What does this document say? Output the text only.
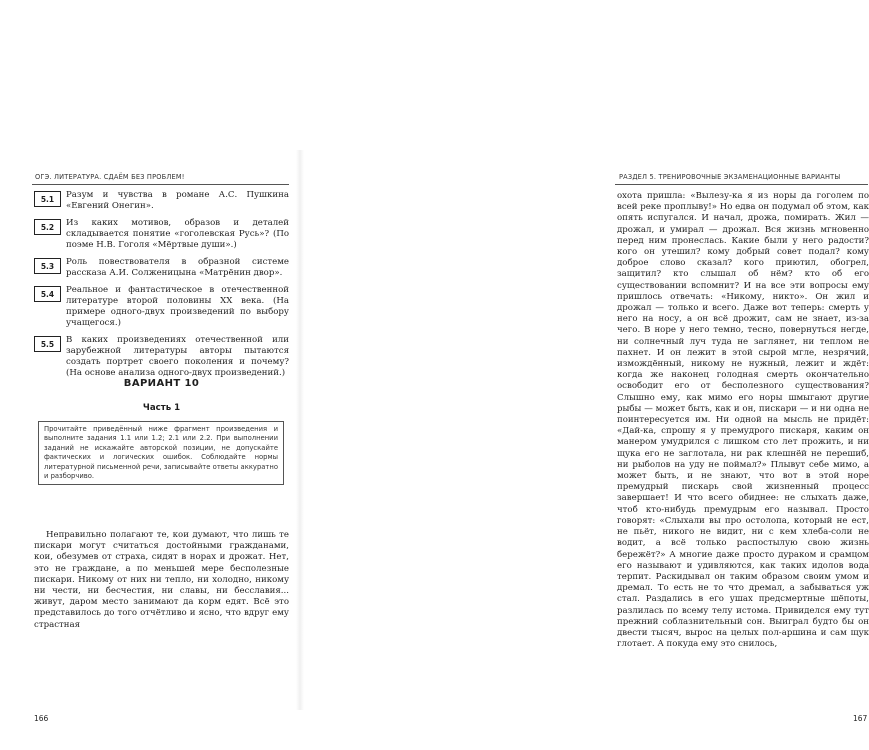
ОГЭ. ЛИТЕРАТУРА. СДАЁМ БЕЗ ПРОБЛЕМ!
5.1	Разум и чувства в романе А.С. Пушкина «Евгений Онегин».
5.2	Из каких мотивов, образов и деталей складывается понятие «гоголевская Русь»? (По поэме Н.В. Гоголя «Мёртвые души».)
5.3	Роль повествователя в образной системе рассказа А.И. Солженицына «Матрёнин двор».
5.4	Реальное и фантастическое в отечественной литературе второй половины XX века. (На примере одного-двух произведений по выбору учащегося.)
5.5	В каких произведениях отечественной или зарубежной литературы авторы пытаются создать портрет своего поколения и почему? (На основе анализа одного-двух произведений.)
ВАРИАНТ 10
Часть 1
Прочитайте приведённый ниже фрагмент произведения и выполните задания 1.1 или 1.2; 2.1 или 2.2. При выполнении заданий не искажайте авторской позиции, не допускайте фактических и логических ошибок. Соблюдайте нормы литературной письменной речи, записывайте ответы аккуратно и разборчиво.
Неправильно полагают те, кои думают, что лишь те пискари могут считаться достойными гражданами, кои, обезумев от страха, сидят в норах и дрожат. Нет, это не граждане, а по меньшей мере бесполезные пискари. Никому от них ни тепло, ни холодно, никому ни чести, ни бесчестия, ни славы, ни бесславия... живут, даром место занимают да корм едят. Всё это представилось до того отчётливо и ясно, что вдруг ему страстная
166
РАЗДЕЛ 5. ТРЕНИРОВОЧНЫЕ ЭКЗАМЕНАЦИОННЫЕ ВАРИАНТЫ
охота пришла: «Вылезу-ка я из норы да гоголем по всей реке проплыву!» Но едва он подумал об этом, как опять испугался. И начал, дрожа, помирать. Жил — дрожал, и умирал — дрожал. Вся жизнь мгновенно перед ним пронеслась. Какие были у него радости? кого он утешил? кому добрый совет подал? кому доброе слово сказал? кого приютил, обогрел, защитил? кто слышал об нём? кто об его существовании вспомнит? И на все эти вопросы ему пришлось отвечать: «Никому, никто». Он жил и дрожал — только и всего. Даже вот теперь: смерть у него на носу, а он всё дрожит, сам не знает, из-за чего. В норе у него темно, тесно, повернуться негде, ни солнечный луч туда не заглянет, ни теплом не пахнет. И он лежит в этой сырой мгле, незрячий, измождённый, никому не нужный, лежит и ждёт: когда же наконец голодная смерть окончательно освободит его от бесполезного существования? Слышно ему, как мимо его норы шмыгают другие рыбы — может быть, как и он, пискари — и ни одна не поинтересуется им. Ни одной на мысль не придёт: «Дай-ка, спрошу я у премудрого пискаря, каким он манером умудрился с лишком сто лет прожить, и ни щука его не заглотала, ни рак клешнёй не перешиб, ни рыболов на уду не поймал?» Плывут себе мимо, а может быть, и не знают, что вот в этой норе премудрый пискарь свой жизненный процесс завершает! И что всего обиднее: не слыхать даже, чтоб кто-нибудь премудрым его называл. Просто говорят: «Слыхали вы про остолопа, который не ест, не пьёт, никого не видит, ни с кем хлеба-соли не водит, а всё только распостылую свою жизнь бережёт?» А многие даже просто дураком и срамцом его называют и удивляются, как таких идолов вода терпит. Раскидывал он таким образом своим умом и дремал. То есть не то что дремал, а забываться уж стал. Раздались в его ушах предсмертные шёпоты, разлилась по всему телу истома. Привиделся ему тут прежний соблазнительный сон. Выиграл будто бы он двести тысяч, вырос на целых пол-аршина и сам щук глотает. А покуда ему это снилось,
167
